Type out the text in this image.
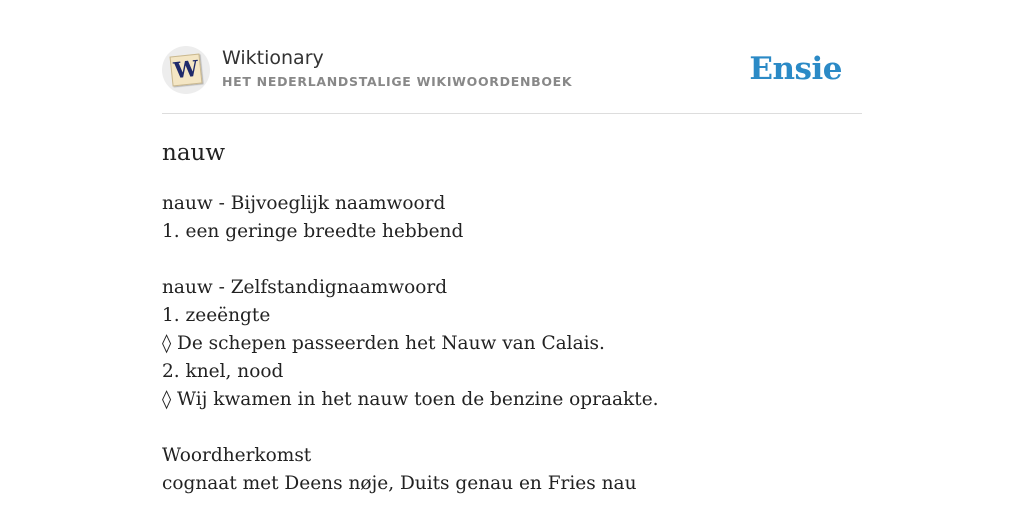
W Wiktionary
HET NEDERLANDSTALIGE WIKIWOORDENBOEK	Ensie
nauw
nauw - Bijvoeglijk naamwoord
1. een geringe breedte hebbend
nauw - Zelfstandignaamwoord
1. zeeëngte
◊ De schepen passeerden het Nauw van Calais.
2. knel, nood
◊ Wij kwamen in het nauw toen de benzine opraakte.
Woordherkomst
cognaat met Deens nøje, Duits genau en Fries nau
